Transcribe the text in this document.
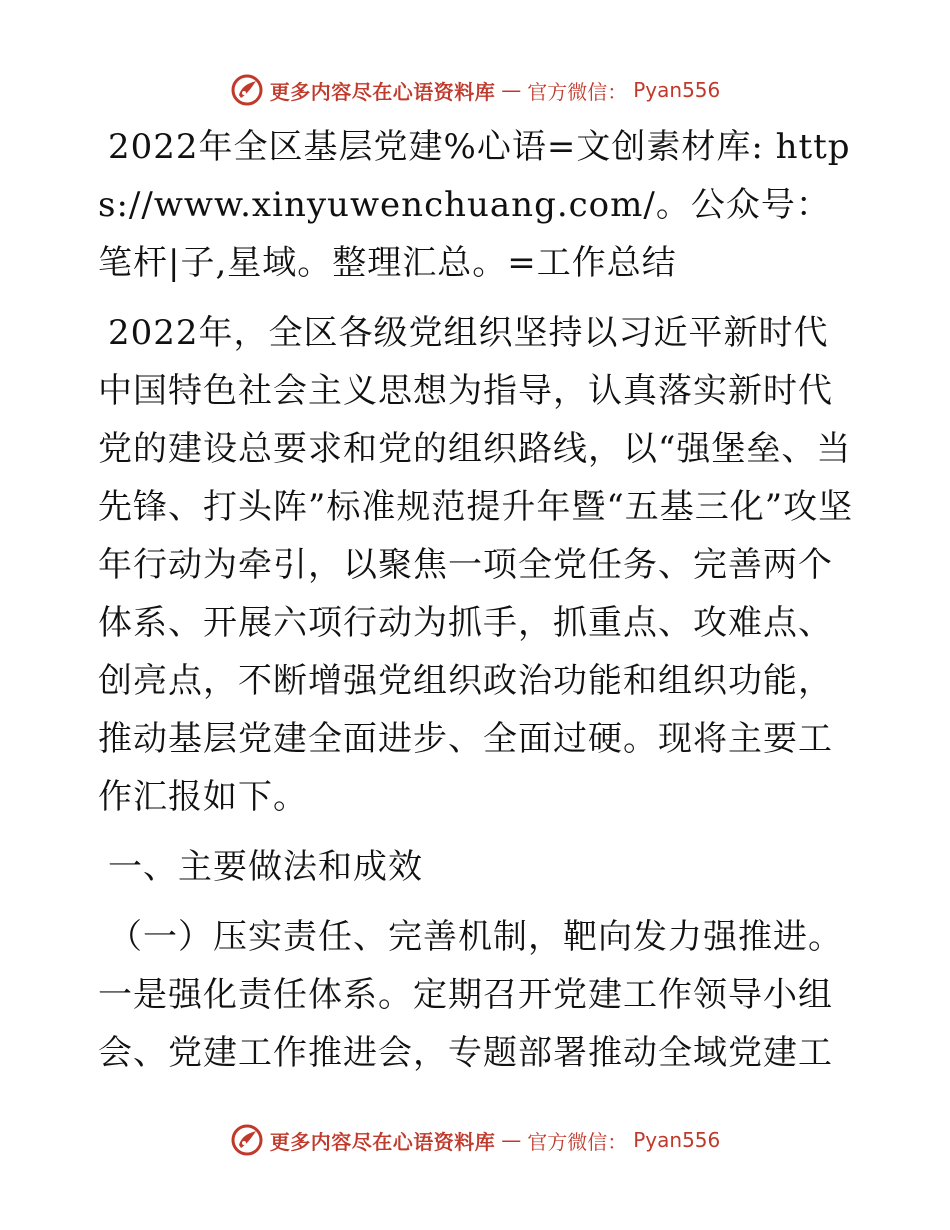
更多内容尽在心语资料库 — 官方微信： Pyan556

2022年全区基层党建%心语=文创素材库: https://www.xinyuwenchuang.com/。公众号：笔杆|子,星域。整理汇总。=工作总结

2022年，全区各级党组织坚持以习近平新时代中国特色社会主义思想为指导，认真落实新时代党的建设总要求和党的组织路线，以“强堡垒、当先锋、打头阵”标准规范提升年暨“五基三化”攻坚年行动为牵引，以聚焦一项全党任务、完善两个体系、开展六项行动为抓手，抓重点、攻难点、创亮点，不断增强党组织政治功能和组织功能，推动基层党建全面进步、全面过硬。现将主要工作汇报如下。

一、主要做法和成效

（一）压实责任、完善机制，靶向发力强推进。一是强化责任体系。定期召开党建工作领导小组会、党建工作推进会，专题部署推动全域党建工

更多内容尽在心语资料库 — 官方微信： Pyan556
